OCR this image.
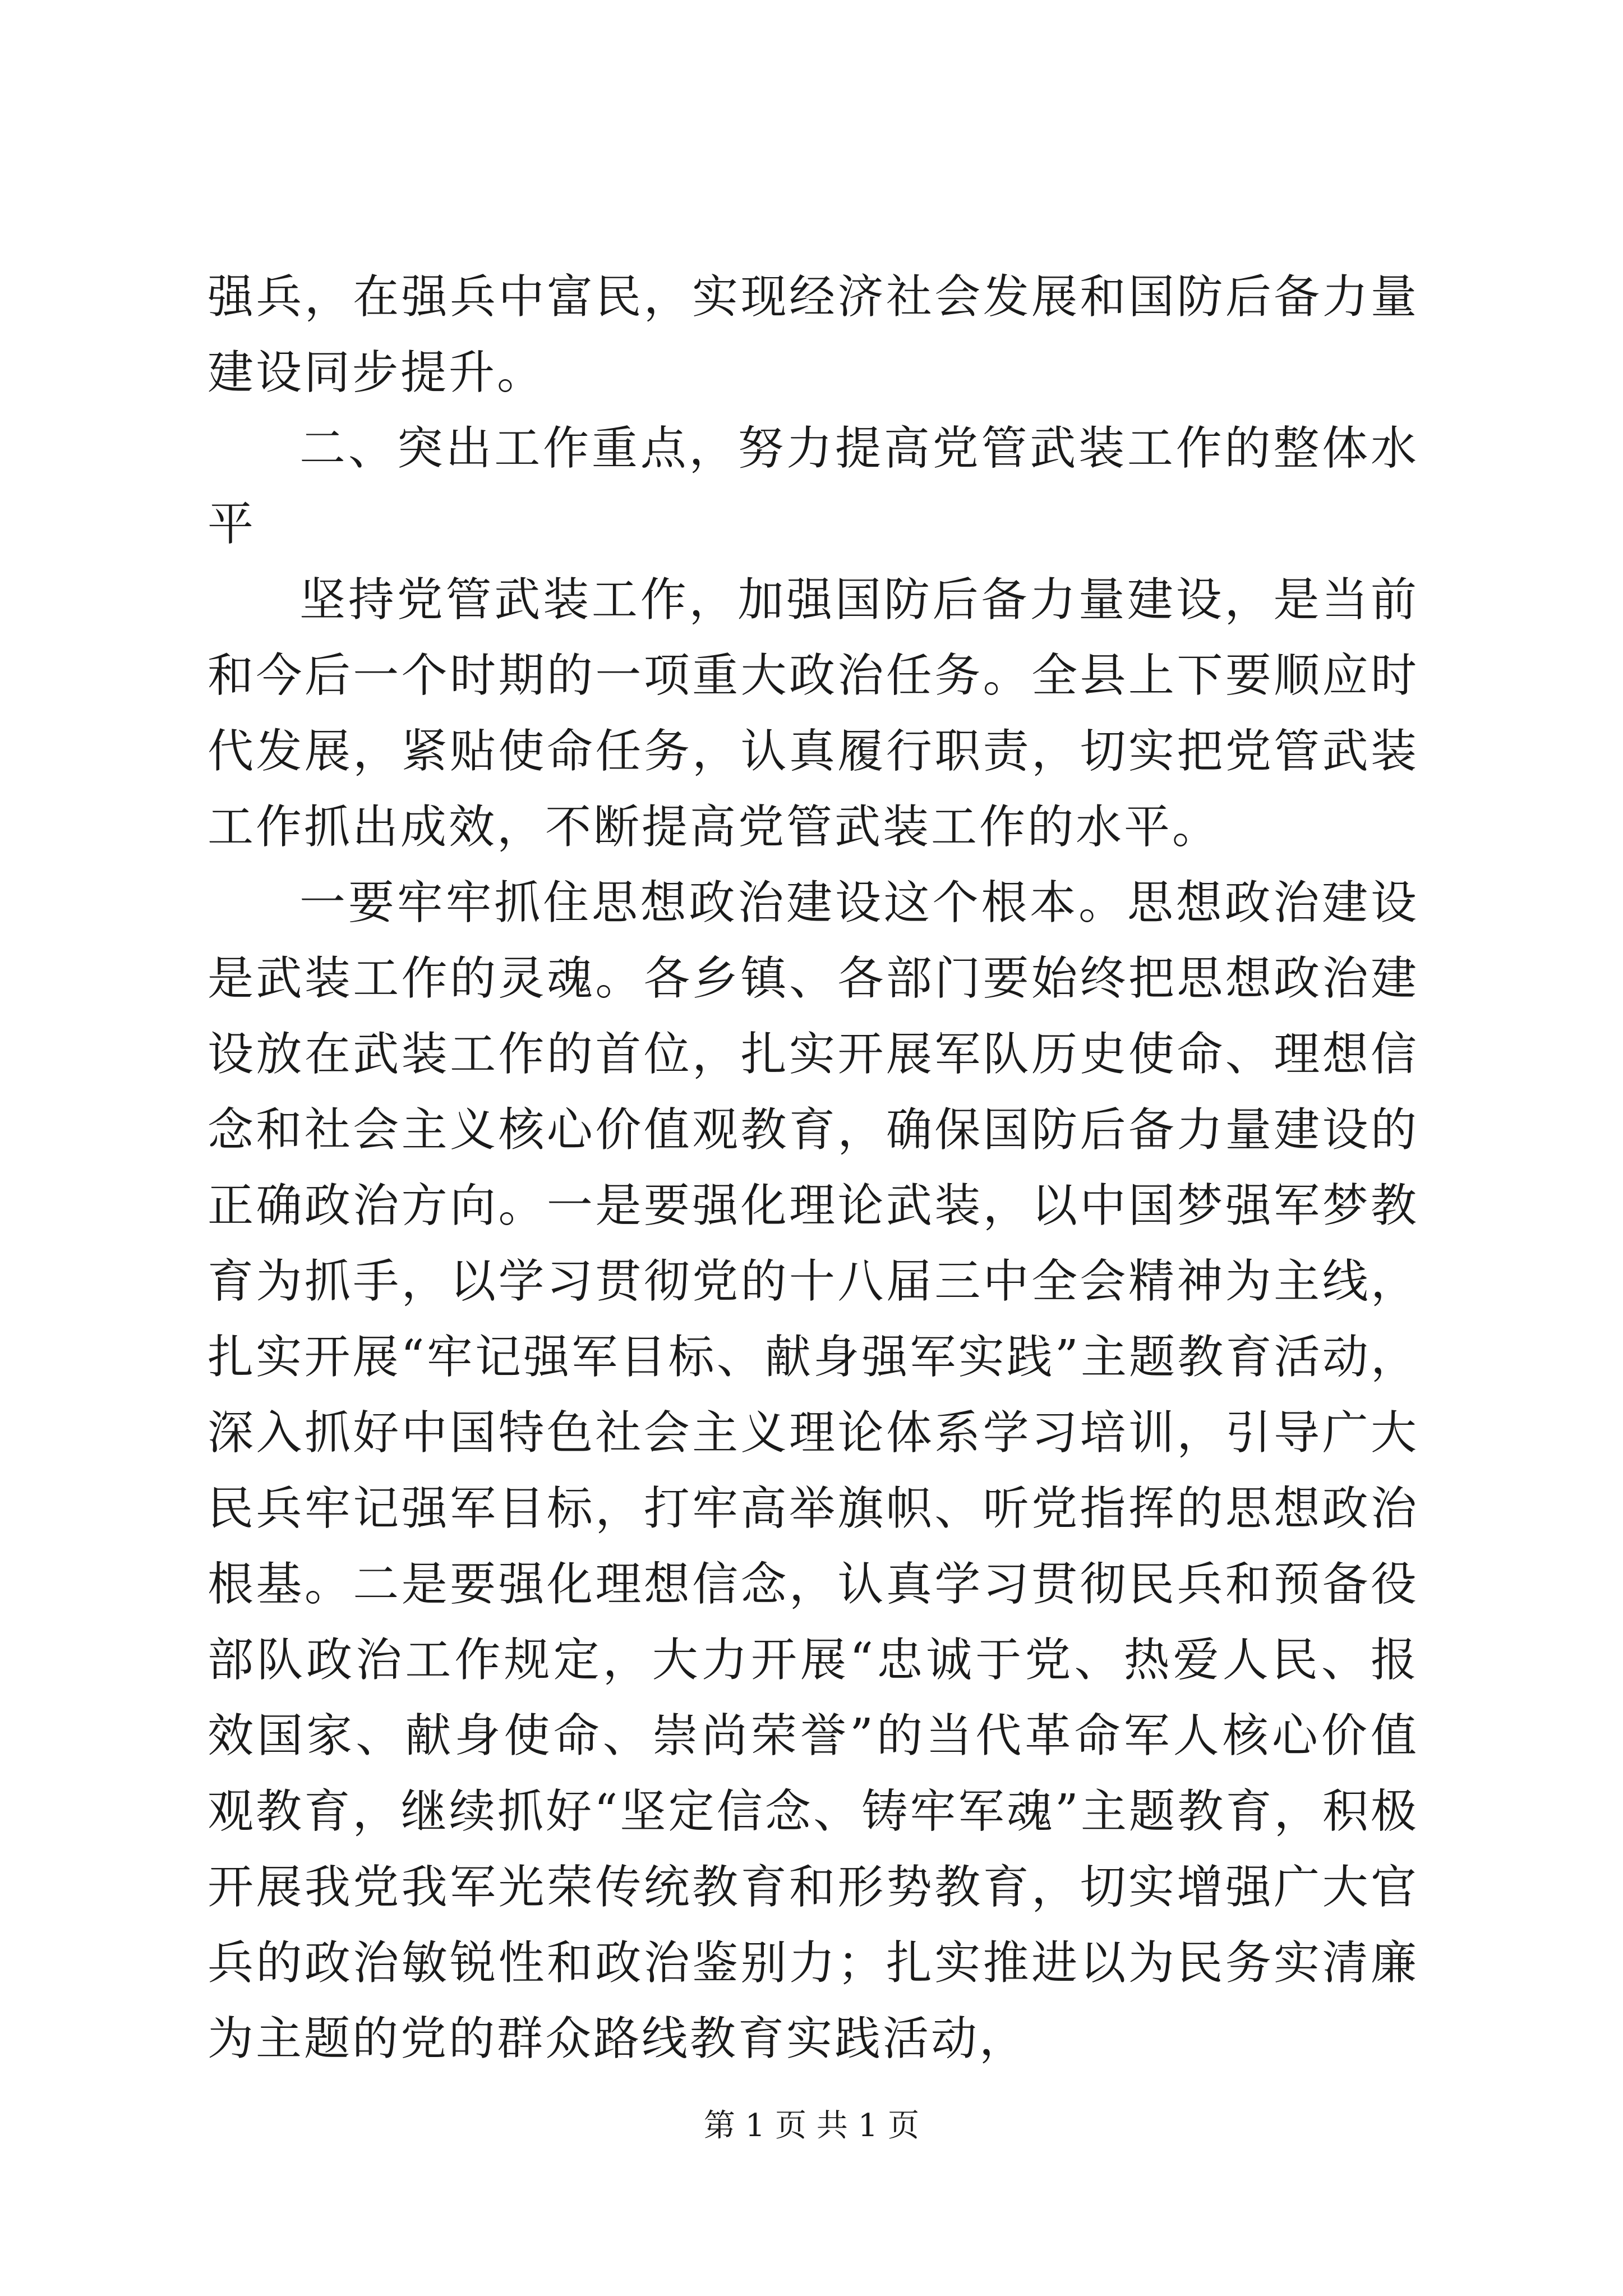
强兵，在强兵中富民，实现经济社会发展和国防后备力量建设同步提升。

二、突出工作重点，努力提高党管武装工作的整体水平

坚持党管武装工作，加强国防后备力量建设，是当前和今后一个时期的一项重大政治任务。全县上下要顺应时代发展，紧贴使命任务，认真履行职责，切实把党管武装工作抓出成效，不断提高党管武装工作的水平。

一要牢牢抓住思想政治建设这个根本。思想政治建设是武装工作的灵魂。各乡镇、各部门要始终把思想政治建设放在武装工作的首位，扎实开展军队历史使命、理想信念和社会主义核心价值观教育，确保国防后备力量建设的正确政治方向。一是要强化理论武装，以中国梦强军梦教育为抓手，以学习贯彻党的十八届三中全会精神为主线，扎实开展“牢记强军目标、献身强军实践”主题教育活动，深入抓好中国特色社会主义理论体系学习培训，引导广大民兵牢记强军目标，打牢高举旗帜、听党指挥的思想政治根基。二是要强化理想信念，认真学习贯彻民兵和预备役部队政治工作规定，大力开展“忠诚于党、热爱人民、报效国家、献身使命、崇尚荣誉”的当代革命军人核心价值观教育，继续抓好“坚定信念、铸牢军魂”主题教育，积极开展我党我军光荣传统教育和形势教育，切实增强广大官兵的政治敏锐性和政治鉴别力；扎实推进以为民务实清廉为主题的党的群众路线教育实践活动，

第 1 页 共 1 页
